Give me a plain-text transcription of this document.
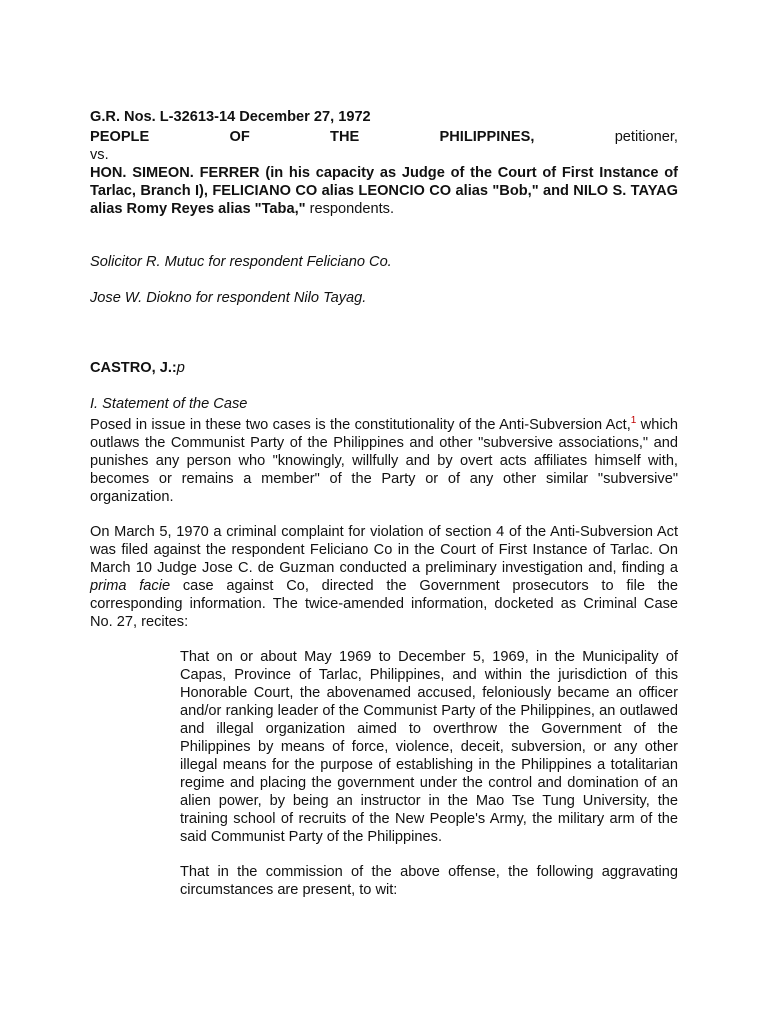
G.R. Nos. L-32613-14 December 27, 1972

PEOPLE	OF	THE	PHILIPPINES,	petitioner,
vs.

HON. SIMEON. FERRER (in his capacity as Judge of the Court of First Instance of Tarlac, Branch I), FELICIANO CO alias LEONCIO CO alias "Bob," and NILO S. TAYAG alias Romy Reyes alias "Taba," respondents.

Solicitor R. Mutuc for respondent Feliciano Co.

Jose W. Diokno for respondent Nilo Tayag.

CASTRO, J.:p

I. Statement of the Case

Posed in issue in these two cases is the constitutionality of the Anti-Subversion Act,$^1$ which outlaws the Communist Party of the Philippines and other "subversive associations," and punishes any person who "knowingly, willfully and by overt acts affiliates himself with, becomes or remains a member" of the Party or of any other similar "subversive" organization.

On March 5, 1970 a criminal complaint for violation of section 4 of the Anti-Subversion Act was filed against the respondent Feliciano Co in the Court of First Instance of Tarlac. On March 10 Judge Jose C. de Guzman conducted a preliminary investigation and, finding a prima facie case against Co, directed the Government prosecutors to file the corresponding information. The twice-amended information, docketed as Criminal Case No. 27, recites:

That on or about May 1969 to December 5, 1969, in the Municipality of Capas, Province of Tarlac, Philippines, and within the jurisdiction of this Honorable Court, the abovenamed accused, feloniously became an officer and/or ranking leader of the Communist Party of the Philippines, an outlawed and illegal organization aimed to overthrow the Government of the Philippines by means of force, violence, deceit, subversion, or any other illegal means for the purpose of establishing in the Philippines a totalitarian regime and placing the government under the control and domination of an alien power, by being an instructor in the Mao Tse Tung University, the training school of recruits of the New People's Army, the military arm of the said Communist Party of the Philippines.

That in the commission of the above offense, the following aggravating circumstances are present, to wit:
